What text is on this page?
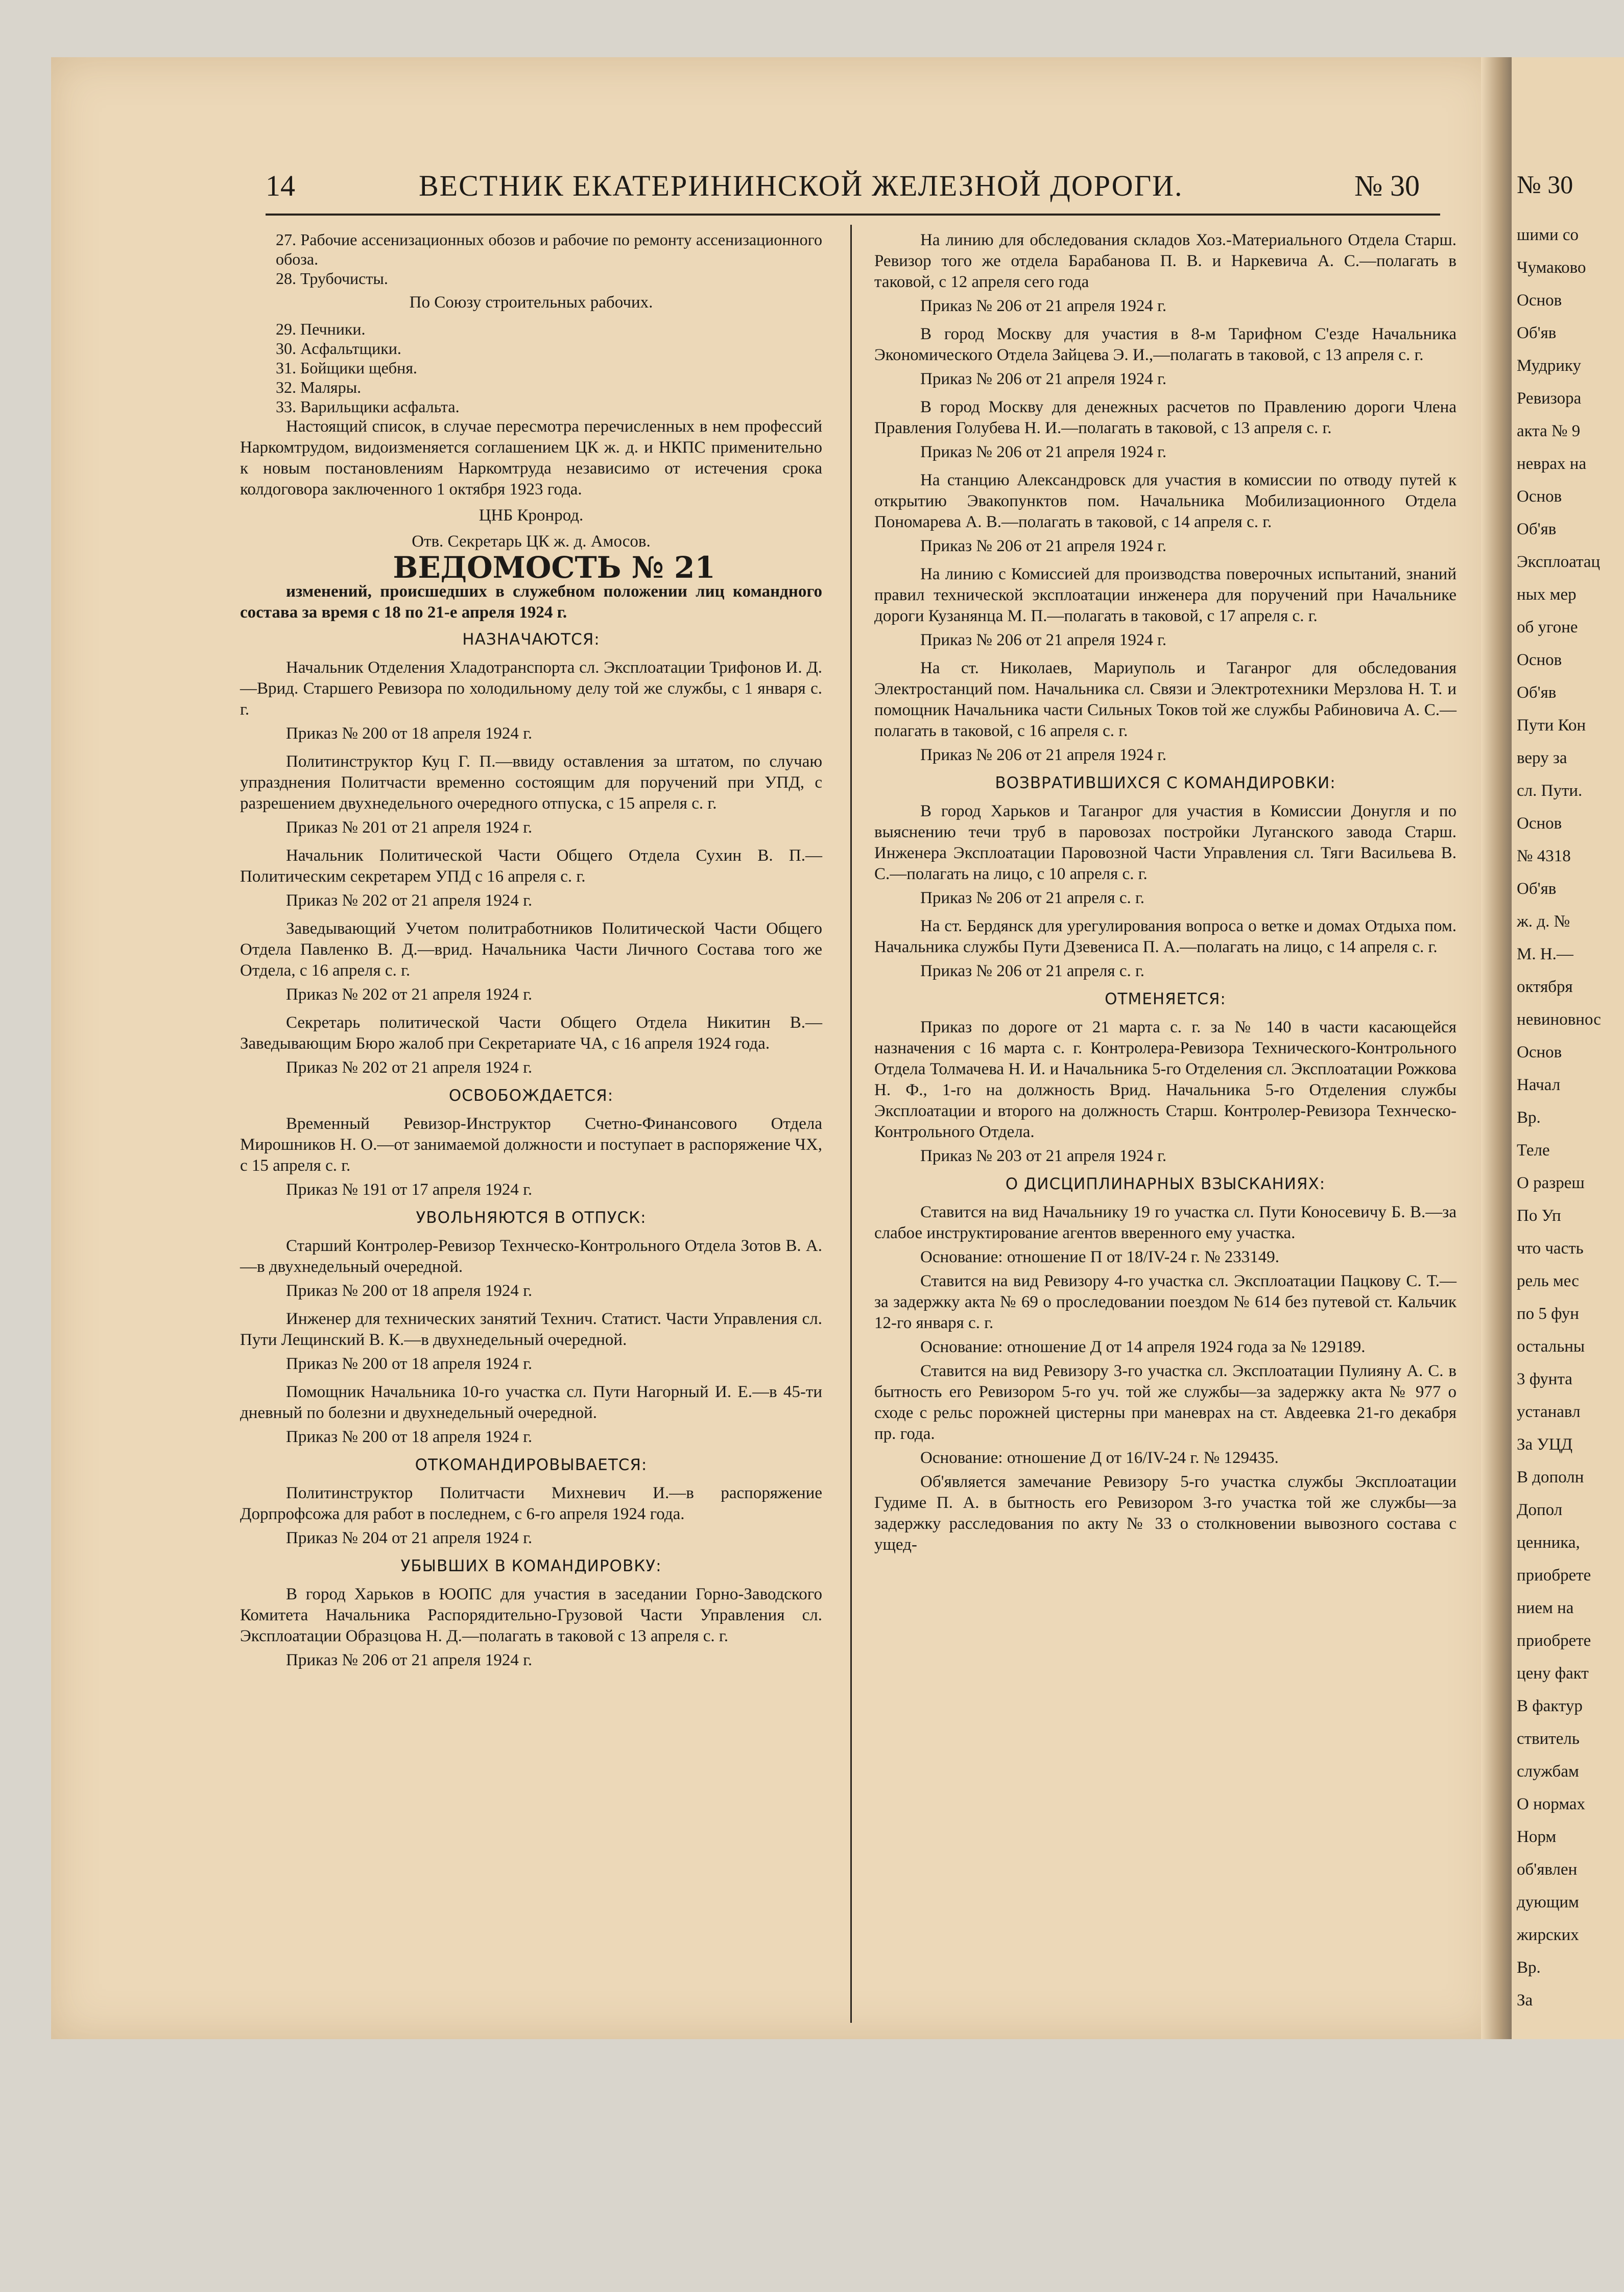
14	ВЕСТНИК ЕКАТЕРИНИНСКОЙ ЖЕЛЕЗНОЙ ДОРОГИ.	№ 30

27. Рабочие ассенизационных обозов и рабочие по ремонту ассенизационного обоза.

28. Трубочисты.

По Союзу строительных рабочих.

29. Печники.

30. Асфальтщики.

31. Бойщики щебня.

32. Маляры.

33. Варильщики асфальта.

Настоящий список, в случае пересмотра перечисленных в нем профессий Наркомтрудом, видоизменяется соглашением ЦК ж. д. и НКПС применительно к новым постановлениям Наркомтруда независимо от истечения срока колдоговора заключенного 1 октября 1923 года.

ЦНБ Кронрод.

Отв. Секретарь ЦК ж. д. Амосов.

ВЕДОМОСТЬ № 21

изменений, происшедших в служебном положении лиц командного состава за время с 18 по 21-е апреля 1924 г.

НАЗНАЧАЮТСЯ:

Начальник Отделения Хладотранспорта сл. Эксплоатации Трифонов И. Д.—Врид. Старшего Ревизора по холодильному делу той же службы, с 1 января с. г.

Приказ № 200 от 18 апреля 1924 г.

Политинструктор Куц Г. П.—ввиду оставления за штатом, по случаю упразднения Политчасти временно состоящим для поручений при УПД, с разрешением двухнедельного очередного отпуска, с 15 апреля с. г.

Приказ № 201 от 21 апреля 1924 г.

Начальник Политической Части Общего Отдела Сухин В. П.—Политическим секретарем УПД с 16 апреля с. г.

Приказ № 202 от 21 апреля 1924 г.

Заведывающий Учетом политработников Политической Части Общего Отдела Павленко В. Д.—врид. Начальника Части Личного Состава того же Отдела, с 16 апреля с. г.

Приказ № 202 от 21 апреля 1924 г.

Секретарь политической Части Общего Отдела Никитин В.—Заведывающим Бюро жалоб при Секретариате ЧА, с 16 апреля 1924 года.

Приказ № 202 от 21 апреля 1924 г.

ОСВОБОЖДАЕТСЯ:

Временный Ревизор-Инструктор Счетно-Финансового Отдела Мирошников Н. О.—от занимаемой должности и поступает в распоряжение ЧХ, с 15 апреля с. г.

Приказ № 191 от 17 апреля 1924 г.

УВОЛЬНЯЮТСЯ В ОТПУСК:

Старший Контролер-Ревизор Технческо-Контрольного Отдела Зотов В. А.—в двухнедельный очередной.

Приказ № 200 от 18 апреля 1924 г.

Инженер для технических занятий Технич. Статист. Части Управления сл. Пути Лещинский В. К.—в двухнедельный очередной.

Приказ № 200 от 18 апреля 1924 г.

Помощник Начальника 10-го участка сл. Пути Нагорный И. Е.—в 45-ти дневный по болезни и двухнедельный очередной.

Приказ № 200 от 18 апреля 1924 г.

ОТКОМАНДИРОВЫВАЕТСЯ:

Политинструктор Политчасти Михневич И.—в распоряжение Дорпрофсожа для работ в последнем, с 6-го апреля 1924 года.

Приказ № 204 от 21 апреля 1924 г.

УБЫВШИХ В КОМАНДИРОВКУ:

В город Харьков в ЮОПС для участия в заседании Горно-Заводского Комитета Начальника Распорядительно-Грузовой Части Управления сл. Эксплоатации Образцова Н. Д.—полагать в таковой с 13 апреля с. г.

Приказ № 206 от 21 апреля 1924 г.

На линию для обследования складов Хоз.-Материального Отдела Старш. Ревизор того же отдела Барабанова П. В. и Наркевича А. С.—полагать в таковой, с 12 апреля сего года

Приказ № 206 от 21 апреля 1924 г.

В город Москву для участия в 8-м Тарифном С'езде Начальника Экономического Отдела Зайцева Э. И.,—полагать в таковой, с 13 апреля с. г.

Приказ № 206 от 21 апреля 1924 г.

В город Москву для денежных расчетов по Правлению дороги Члена Правления Голубева Н. И.—полагать в таковой, с 13 апреля с. г.

Приказ № 206 от 21 апреля 1924 г.

На станцию Александровск для участия в комиссии по отводу путей к открытию Эвакопунктов пом. Начальника Мобилизационного Отдела Пономарева А. В.—полагать в таковой, с 14 апреля с. г.

Приказ № 206 от 21 апреля 1924 г.

На линию с Комиссией для производства поверочных испытаний, знаний правил технической эксплоатации инженера для поручений при Начальнике дороги Кузанянца М. П.—полагать в таковой, с 17 апреля с. г.

Приказ № 206 от 21 апреля 1924 г.

На ст. Николаев, Мариуполь и Таганрог для обследования Электростанций пом. Начальника сл. Связи и Электротехники Мерзлова Н. Т. и помощник Начальника части Сильных Токов той же службы Рабиновича А. С.—полагать в таковой, с 16 апреля с. г.

Приказ № 206 от 21 апреля 1924 г.

ВОЗВРАТИВШИХСЯ С КОМАНДИРОВКИ:

В город Харьков и Таганрог для участия в Комиссии Донугля и по выяснению течи труб в паровозах постройки Луганского завода Старш. Инженера Эксплоатации Паровозной Части Управления сл. Тяги Васильева В. С.—полагать на лицо, с 10 апреля с. г.

Приказ № 206 от 21 апреля с. г.

На ст. Бердянск для урегулирования вопроса о ветке и домах Отдыха пом. Начальника службы Пути Дзевениса П. А.—полагать на лицо, с 14 апреля с. г.

Приказ № 206 от 21 апреля с. г.

ОТМЕНЯЕТСЯ:

Приказ по дороге от 21 марта с. г. за № 140 в части касающейся назначения с 16 марта с. г. Контролера-Ревизора Технического-Контрольного Отдела Толмачева Н. И. и Начальника 5-го Отделения сл. Эксплоатации Рожкова Н. Ф., 1-го на должность Врид. Начальника 5-го Отделения службы Эксплоатации и второго на должность Старш. Контролер-Ревизора Технческо-Контрольного Отдела.

Приказ № 203 от 21 апреля 1924 г.

О ДИСЦИПЛИНАРНЫХ ВЗЫСКАНИЯХ:

Ставится на вид Начальнику 19 го участка сл. Пути Коносевичу Б. В.—за слабое инструктирование агентов вверенного ему участка.

Основание: отношение П от 18/IV-24 г. № 233149.

Ставится на вид Ревизору 4-го участка сл. Эксплоатации Пацкову С. Т.—за задержку акта № 69 о проследовании поездом № 614 без путевой ст. Кальчик 12-го января с. г.

Основание: отношение Д от 14 апреля 1924 года за № 129189.

Ставится на вид Ревизору 3-го участка сл. Эксплоатации Пулияну А. С. в бытность его Ревизором 5-го уч. той же службы—за задержку акта № 977 о сходе с рельс порожней цистерны при маневрах на ст. Авдеевка 21-го декабря пр. года.

Основание: отношение Д от 16/IV-24 г. № 129435.

Об'является замечание Ревизору 5-го участка службы Эксплоатации Гудиме П. А. в бытность его Ревизором 3-го участка той же службы—за задержку расследования по акту № 33 о столкновении вывозного состава с ущед-

№ 30
шими со
Чумаково
Основ
Об'яв
Мудрику
Ревизора
акта № 9
неврах на
Основ
Об'яв
Эксплоатац
ных мер
об угоне
Основ
Об'яв
Пути Кон
веру за
сл. Пути.
Основ
№ 4318
Об'яв
ж. д. №
М. Н.—
октября
невиновнос
Основ
Начал
Вр.
Теле
О разреш
По Уп
что часть
рель мес
по 5 фун
остальны
3 фунта
устанавл
За УЦД
В дополн
Допол
ценника,
приобрете
нием на
приобрете
цену факт
В фактур
ствитель
службам
О нормах
Норм
об'явлен
дующим
жирских
Вр.
За
